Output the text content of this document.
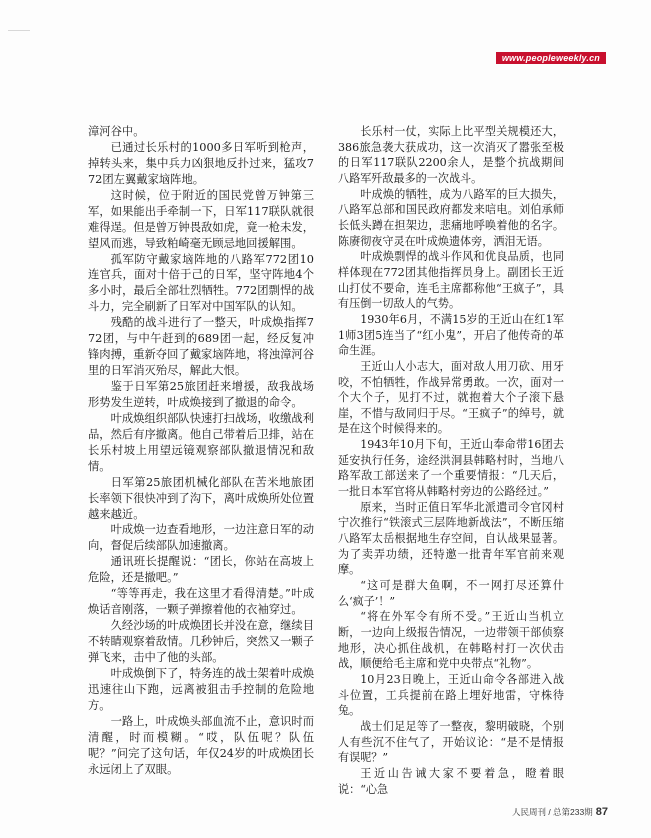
www.peopleweekly.cn

漳河谷中。

已通过长乐村的1000多日军听到枪声，掉转头来，集中兵力凶狠地反扑过来，猛攻772团左翼戴家垴阵地。

这时候，位于附近的国民党曾万钟第三军，如果能出手牵制一下，日军117联队就很难得逞。但是曾万钟畏敌如虎，竟一枪未发，望风而逃，导致粕崎毫无顾忌地回援解围。

孤军防守戴家垴阵地的八路军772团10连官兵，面对十倍于己的日军，坚守阵地4个多小时，最后全部壮烈牺牲。772团剽悍的战斗力，完全刷新了日军对中国军队的认知。

残酷的战斗进行了一整天，叶成焕指挥772团，与中午赶到的689团一起，经反复冲锋肉搏，重新夺回了戴家垴阵地，将浊漳河谷里的日军消灭殆尽，解此大恨。

鉴于日军第25旅团赶来增援，敌我战场形势发生逆转，叶成焕接到了撤退的命令。

叶成焕组织部队快速打扫战场，收缴战利品，然后有序撤离。他自己带着后卫排，站在长乐村坡上用望远镜观察部队撤退情况和敌情。

日军第25旅团机械化部队在苦米地旅团长率领下很快冲到了沟下，离叶成焕所处位置越来越近。

叶成焕一边查看地形，一边注意日军的动向，督促后续部队加速撤离。

通讯班长提醒说：“团长，你站在高坡上危险，还是撤吧。”

“等等再走，我在这里才看得清楚。”叶成焕话音刚落，一颗子弹擦着他的衣袖穿过。

久经沙场的叶成焕团长并没在意，继续目不转睛观察着敌情。几秒钟后，突然又一颗子弹飞来，击中了他的头部。

叶成焕倒下了，特务连的战士架着叶成焕迅速往山下跑，远离被狙击手控制的危险地方。

一路上，叶成焕头部血流不止，意识时而清醒，时而模糊。“哎，队伍呢？队伍呢？”问完了这句话，年仅24岁的叶成焕团长永远闭上了双眼。

长乐村一仗，实际上比平型关规模还大，386旅急袭大获成功，这一次消灭了嚣张至极的日军117联队2200余人，是整个抗战期间八路军歼敌最多的一次战斗。

叶成焕的牺牲，成为八路军的巨大损失，八路军总部和国民政府都发来唁电。刘伯承师长低头蹲在担架边，悲痛地呼唤着他的名字。陈赓彻夜守灵在叶成焕遗体旁，洒泪无语。

叶成焕剽悍的战斗作风和优良品质，也同样体现在772团其他指挥员身上。副团长王近山打仗不要命，连毛主席都称他“王疯子”，具有压倒一切敌人的气势。

1930年6月，不满15岁的王近山在红1军1师3团5连当了“红小鬼”，开启了他传奇的革命生涯。

王近山人小志大，面对敌人用刀砍、用牙咬，不怕牺牲，作战异常勇敢。一次，面对一个大个子，见打不过，就抱着大个子滚下悬崖，不惜与敌同归于尽。“王疯子”的绰号，就是在这个时候得来的。

1943年10月下旬，王近山奉命带16团去延安执行任务，途经洪洞县韩略村时，当地八路军敌工部送来了一个重要情报：“几天后，一批日本军官将从韩略村旁边的公路经过。”

原来，当时正值日军华北派遣司令官冈村宁次推行“铁滚式三层阵地新战法”，不断压缩八路军太岳根据地生存空间，自认战果显著。为了卖弄功绩，还特邀一批青年军官前来观摩。

“这可是群大鱼啊，不一网打尽还算什么‘疯子’！”

“将在外军令有所不受。”王近山当机立断，一边向上级报告情况，一边带领干部侦察地形，决心抓住战机，在韩略村打一次伏击战，顺便给毛主席和党中央带点“礼物”。

10月23日晚上，王近山命令各部进入战斗位置，工兵提前在路上埋好地雷，守株待兔。

战士们足足等了一整夜，黎明破晓，个别人有些沉不住气了，开始议论：“是不是情报有误呢？”

王近山告诫大家不要着急，瞪着眼说：“心急

人民周刊 / 总第233期 87
